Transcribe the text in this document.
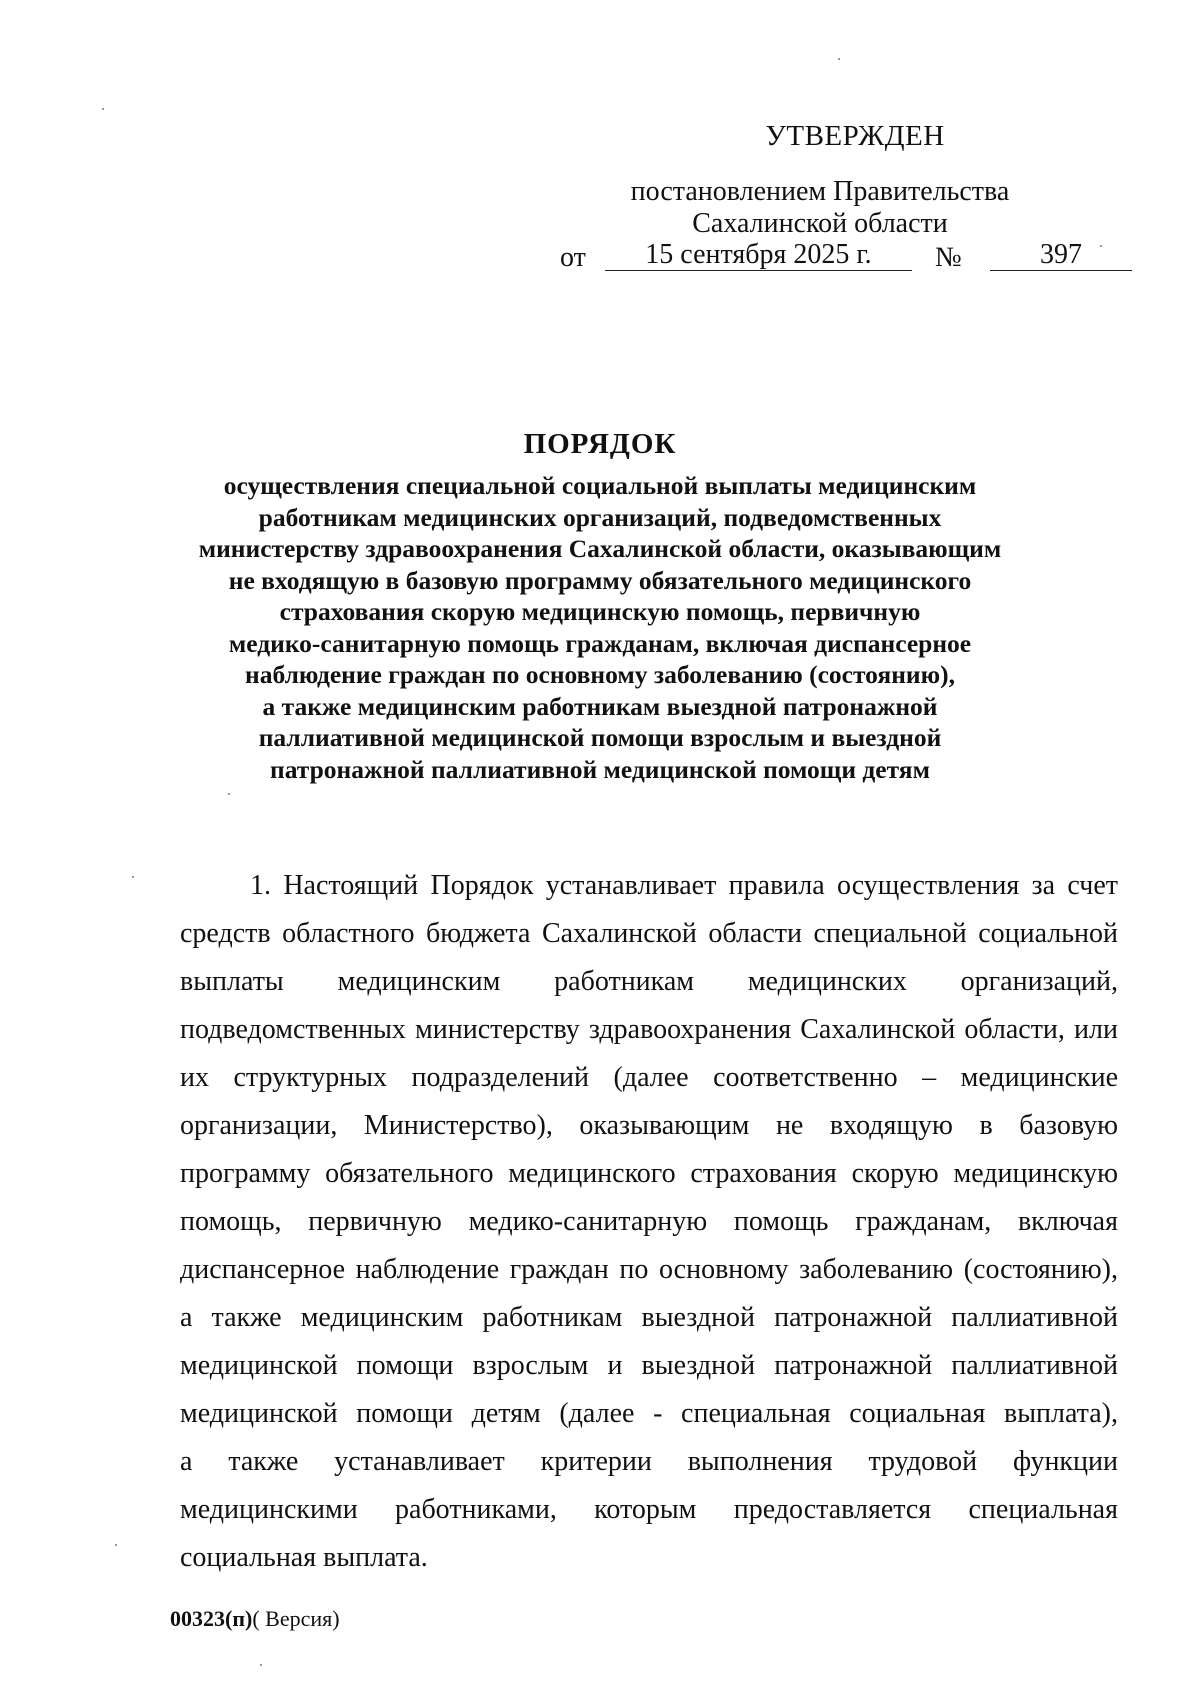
УТВЕРЖДЕН
постановлением Правительства
Сахалинской области
от	15 сентября 2025 г.	№	397
ПОРЯДОК
осуществления специальной социальной выплаты медицинским
работникам медицинских организаций, подведомственных
министерству здравоохранения Сахалинской области, оказывающим
не входящую в базовую программу обязательного медицинского
страхования скорую медицинскую помощь, первичную
медико-санитарную помощь гражданам, включая диспансерное
наблюдение граждан по основному заболеванию (состоянию),
а также медицинским работникам выездной патронажной
паллиативной медицинской помощи взрослым и выездной
патронажной паллиативной медицинской помощи детям
1. Настоящий Порядок устанавливает правила осуществления за счет
средств областного бюджета Сахалинской области специальной социальной
выплаты медицинским работникам медицинских организаций,
подведомственных министерству здравоохранения Сахалинской области, или
их структурных подразделений (далее соответственно – медицинские
организации, Министерство), оказывающим не входящую в базовую
программу обязательного медицинского страхования скорую медицинскую
помощь, первичную медико-санитарную помощь гражданам, включая
диспансерное наблюдение граждан по основному заболеванию (состоянию),
а также медицинским работникам выездной патронажной паллиативной
медицинской помощи взрослым и выездной патронажной паллиативной
медицинской помощи детям (далее - специальная социальная выплата),
а также устанавливает критерии выполнения трудовой функции
медицинскими работниками, которым предоставляется специальная
социальная выплата.
00323(п)( Версия)
